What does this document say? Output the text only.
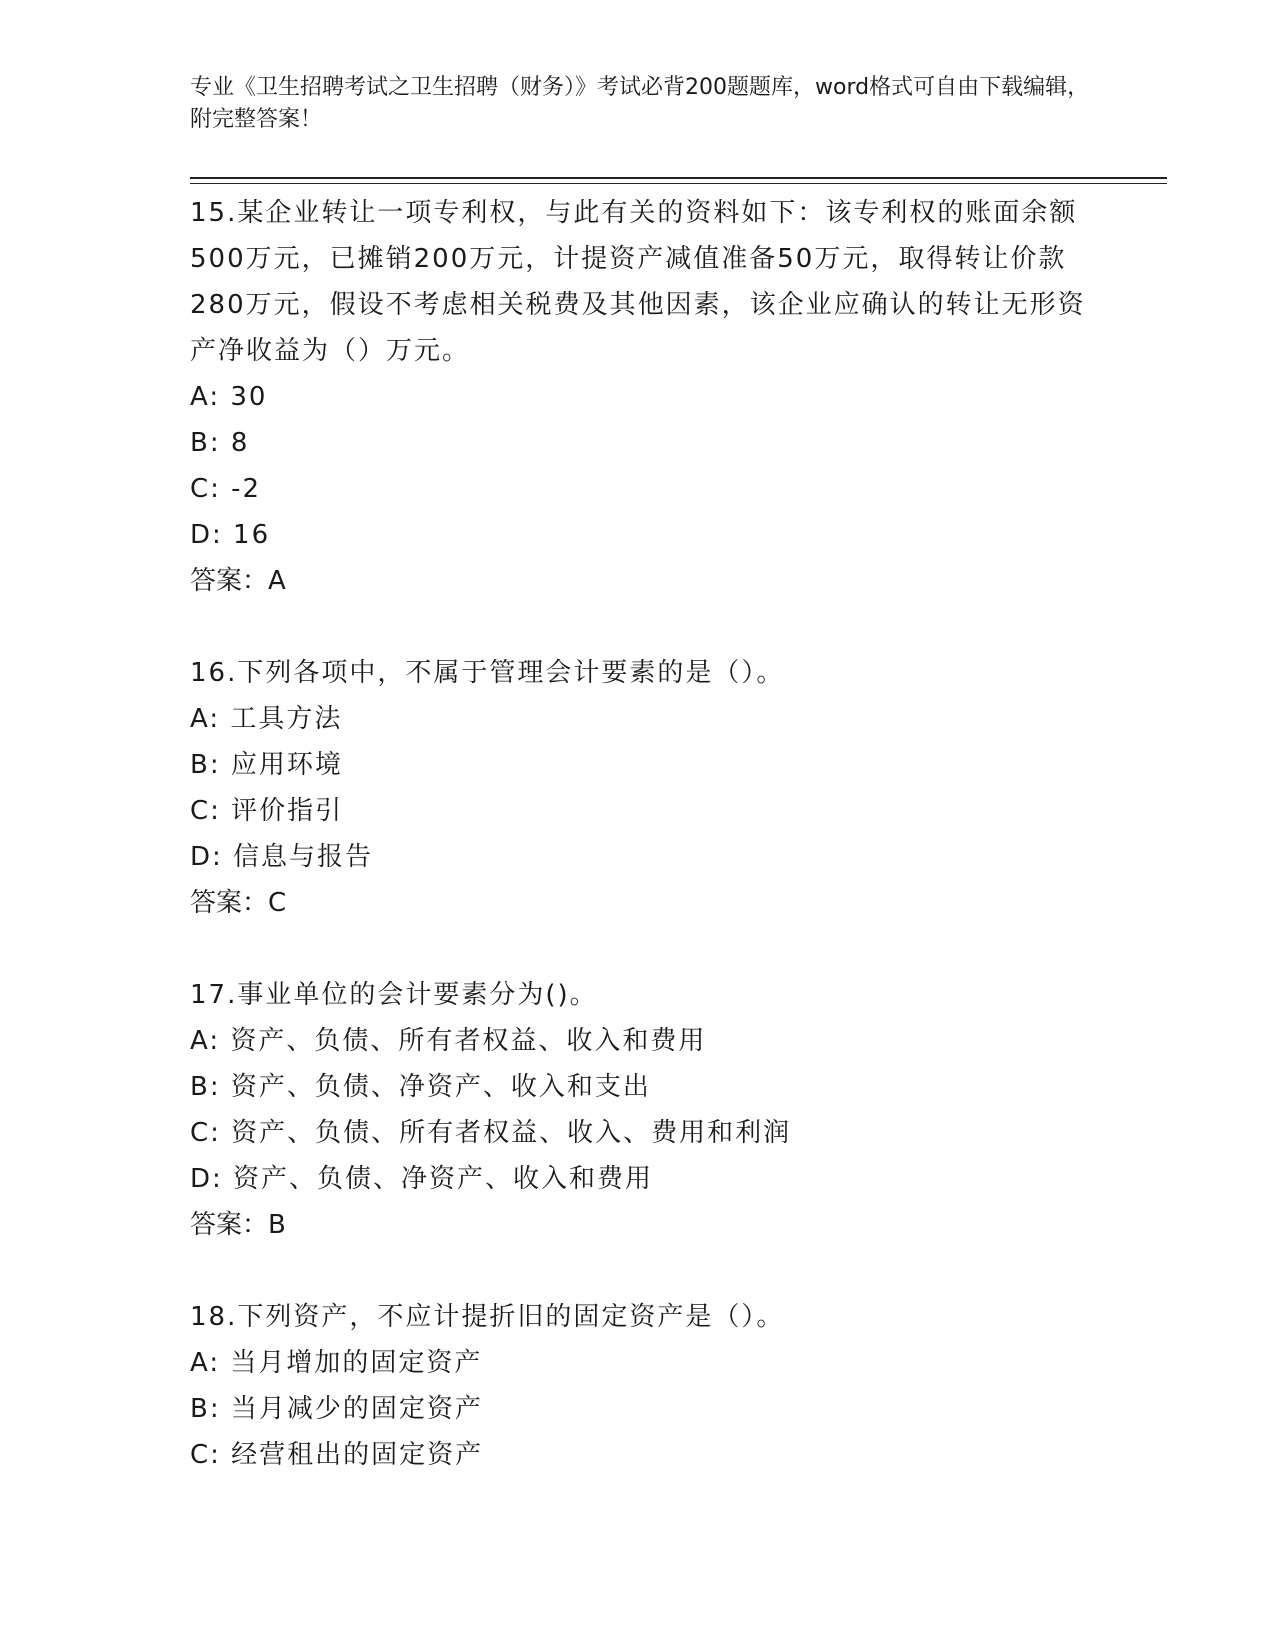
专业《卫生招聘考试之卫生招聘（财务）》考试必背200题题库，word格式可自由下载编辑，附完整答案！

15.某企业转让一项专利权，与此有关的资料如下：该专利权的账面余额500万元，已摊销200万元，计提资产减值准备50万元，取得转让价款280万元，假设不考虑相关税费及其他因素，该企业应确认的转让无形资产净收益为（）万元。

A: 30

B: 8

C: -2

D: 16

答案：A

16.下列各项中，不属于管理会计要素的是（）。

A: 工具方法

B: 应用环境

C: 评价指引

D: 信息与报告

答案：C

17.事业单位的会计要素分为()。

A: 资产、负债、所有者权益、收入和费用

B: 资产、负债、净资产、收入和支出

C: 资产、负债、所有者权益、收入、费用和利润

D: 资产、负债、净资产、收入和费用

答案：B

18.下列资产，不应计提折旧的固定资产是（）。

A: 当月增加的固定资产

B: 当月减少的固定资产

C: 经营租出的固定资产
